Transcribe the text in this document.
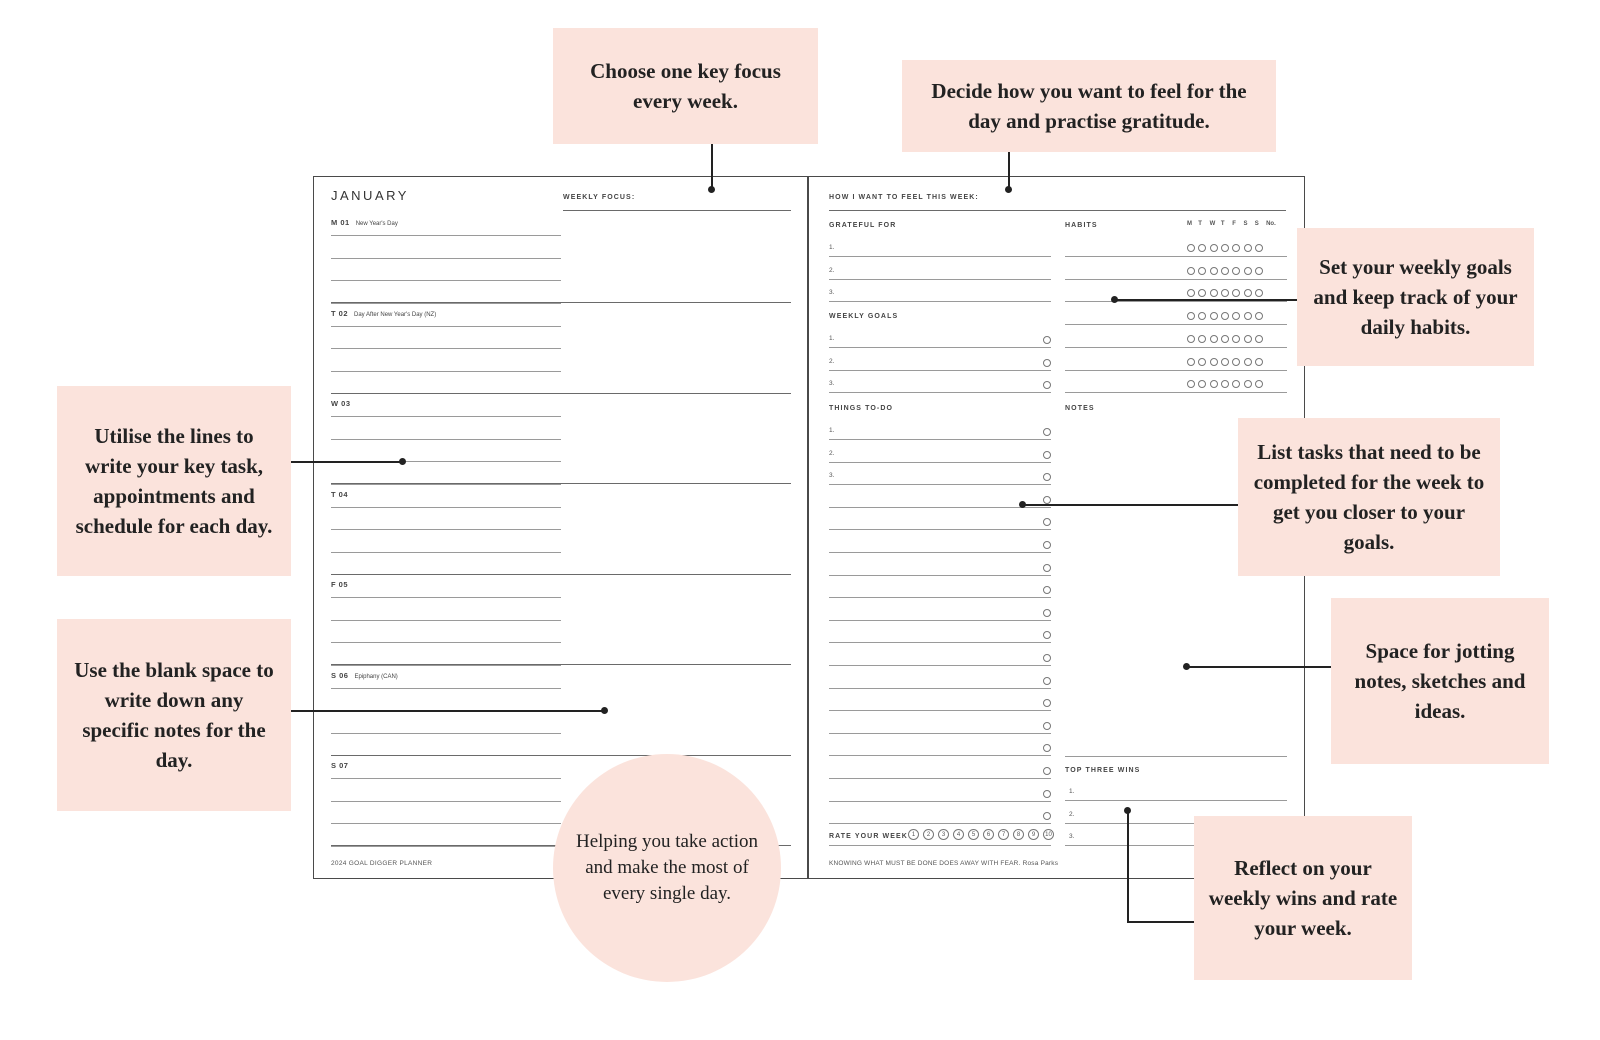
JANUARY	WEEKLY FOCUS:
M 01 New Year's Day
T 02 Day After New Year's Day (NZ)
W 03
T 04
F 05
S 06 Epiphany (CAN)
S 07
2024 GOAL DIGGER PLANNER
HOW I WANT TO FEEL THIS WEEK:
GRATEFUL FOR	HABITS	M T W T F S S No.
WEEKLY GOALS
THINGS TO-DO	NOTES
TOP THREE WINS
RATE YOUR WEEK
1.
2.
3.
1.
2.
3.
1.
2.
3.
1.
2.
3.
1	2	3	4	5	6	7	8	9	10
KNOWING WHAT MUST BE DONE DOES AWAY WITH FEAR. Rosa Parks
Choose one key focus every week.	Decide how you want to feel for the day and practise gratitude.
Set your weekly goals and keep track of your daily habits.
Utilise the lines to write your key task, appointments and schedule for each day.
List tasks that need to be completed for the week to get you closer to your goals.
Use the blank space to write down any specific notes for the day.
Space for jotting notes, sketches and ideas.
Helping you take action and make the most of every single day.
Reflect on your weekly wins and rate your week.
